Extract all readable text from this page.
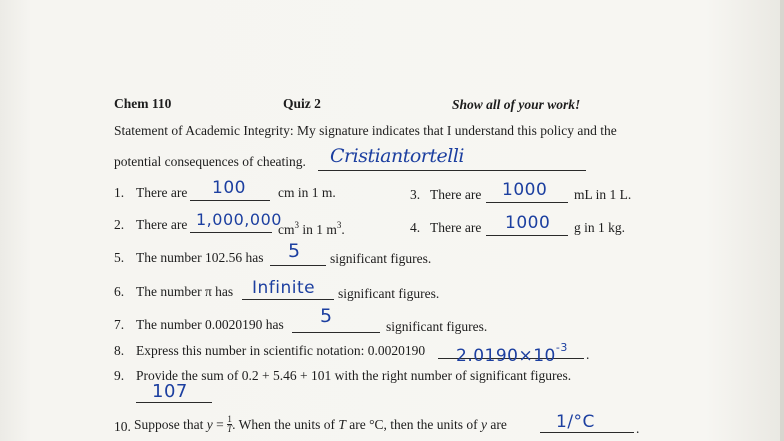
Chem 110	Quiz 2	Show all of your work!
Statement of Academic Integrity: My signature indicates that I understand this policy and the
potential consequences of cheating. Cristiantortelli
1. There are 100 cm in 1 m.	3. There are 1000 mL in 1 L.
2. There are 1,000,000
$cm^3$ in 1 $m^3$.	4. There are 1000 g in 1 kg.
5. The number 102.56 has 5 significant figures.
6. The number π has Infinite significant figures.
7. The number 0.0020190 has 5	significant figures.
8. Express this number in scientific notation: 0.0020190 $2.0190\times 10^{-3}$ .
9. Provide the sum of 0.2 + 5.46 + 101 with the right number of significant figures.
107
10. Suppose that $y = \frac{1}{T}$. When the units of T are °C, then the units of y are	1/°C	.
